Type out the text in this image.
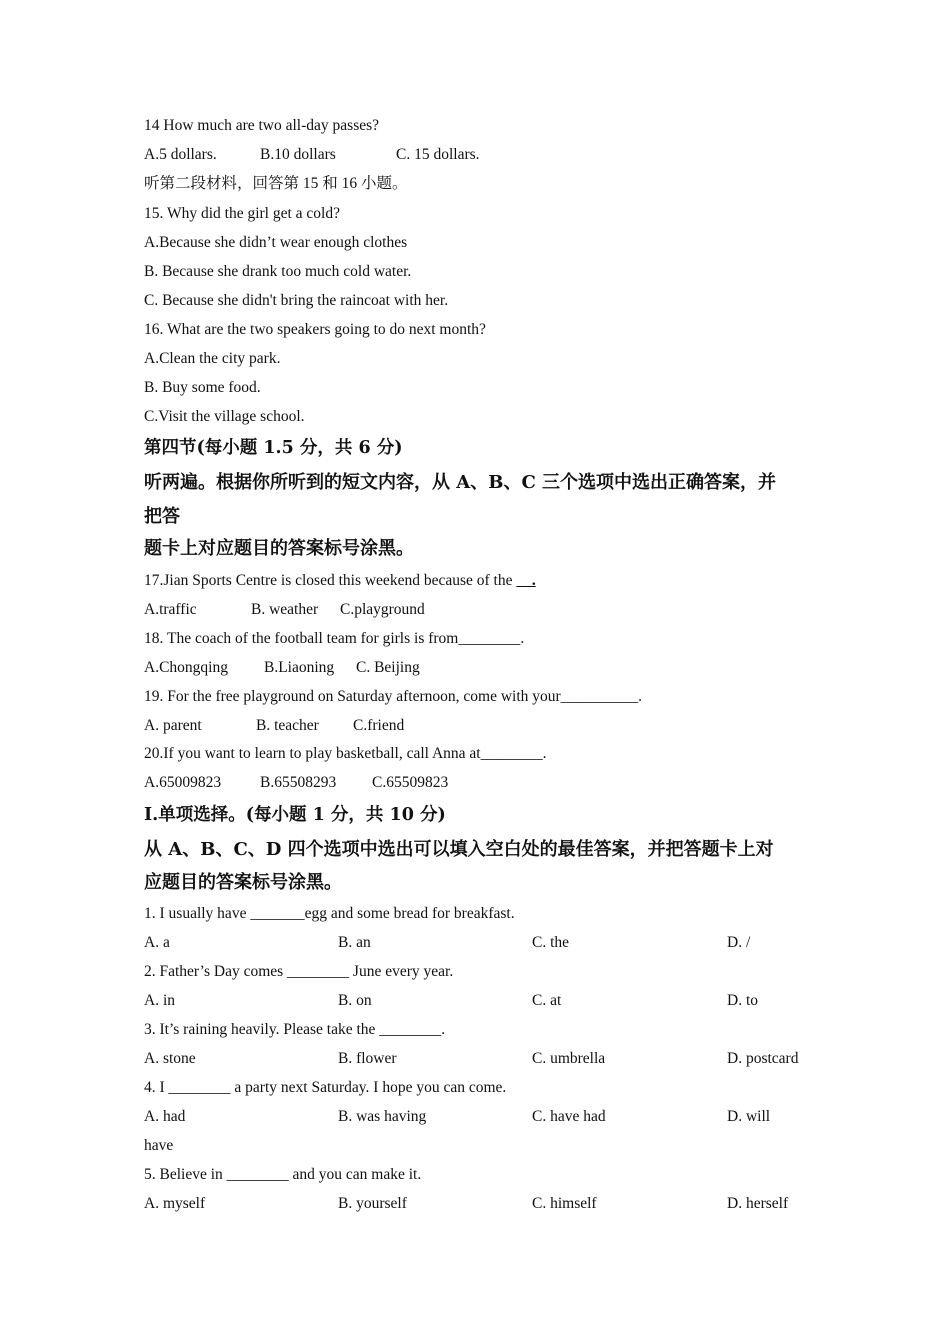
14 How much are two all-day passes?

A.5 dollars.	B.10 dollars	C. 15 dollars.

听第二段材料，回答第 15 和 16 小题。

15. Why did the girl get a cold?

A.Because she didn’t wear enough clothes

B. Because she drank too much cold water.

C. Because she didn't bring the raincoat with her.

16. What are the two speakers going to do next month?

A.Clean the city park.

B. Buy some food.

C.Visit the village school.

第四节(每小题 1.5 分，共 6 分)

听两遍。根据你所听到的短文内容，从 A、B、C 三个选项中选出正确答案，并

把答

题卡上对应题目的答案标号涂黑。

17.Jian Sports Centre is closed this weekend because of the     .

A.traffic	B. weather C.playground

18. The coach of the football team for girls is from________.

A.Chongqing B.Liaoning C. Beijing

19. For the free playground on Saturday afternoon, come with your__________.

A. parent	B. teacher C.friend

20.If you want to learn to play basketball, call Anna at________.

A.65009823	B.65508293 C.65509823

I.单项选择。(每小题 1 分，共 10 分)

从 A、B、C、D 四个选项中选出可以填入空白处的最佳答案，并把答题卡上对

应题目的答案标号涂黑。

1. I usually have _______egg and some bread for breakfast.

A. a	B. an	C. the	D. /

2. Father’s Day comes ________ June every year.

A. in	B. on	C. at	D. to

3. It’s raining heavily. Please take the ________.

A. stone	B. flower	C. umbrella	D. postcard

4. I ________ a party next Saturday. I hope you can come.

A. had	B. was having	C. have had	D. will

have

5. Believe in ________ and you can make it.

A. myself	B. yourself	C. himself	D. herself
